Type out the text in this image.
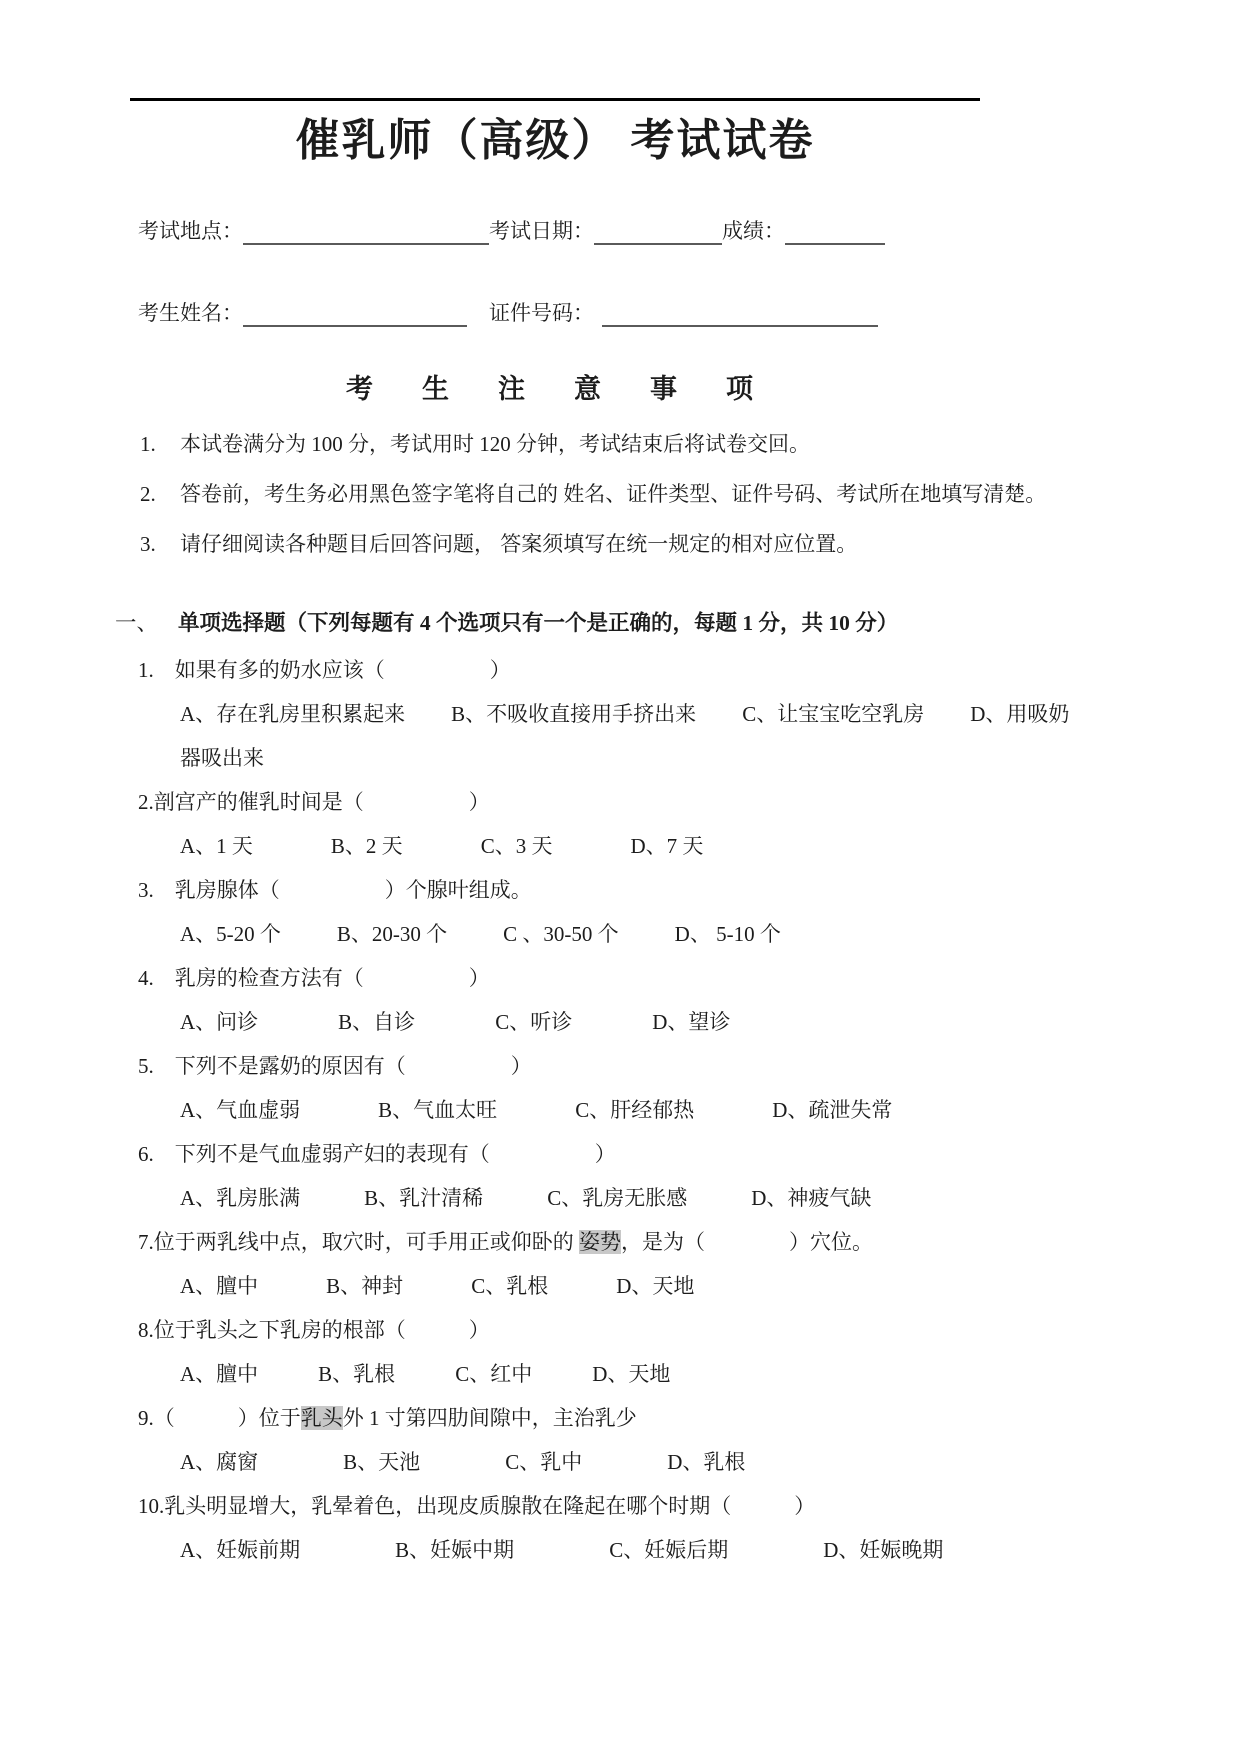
催乳师（高级） 考试试卷
考试地点：	考试日期：	成绩：
考生姓名：	证件号码：
考　生　注　意　事　项
1.	本试卷满分为 100 分，考试用时 120 分钟，考试结束后将试卷交回。
2.	答卷前，考生务必用黑色签字笔将自己的 姓名、证件类型、证件号码、考试所在地填写清楚。
3.	请仔细阅读各种题目后回答问题， 答案须填写在统一规定的相对应位置。
一、 单项选择题（下列每题有 4 个选项只有一个是正确的，每题 1 分，共 10 分）
1.　如果有多的奶水应该（　　　　　）
A、存在乳房里积累起来 B、不吸收直接用手挤出来 C、让宝宝吃空乳房 D、用吸奶
器吸出来
2.剖宫产的催乳时间是（　　　　　）
A、1 天	B、2 天	C、3 天	D、7 天
3.　乳房腺体（　　　　　）个腺叶组成。
A、5-20 个	B、20-30 个	C 、30-50 个	D、 5-10 个
4.　乳房的检查方法有（　　　　　）
A、问诊	B、自诊	C、听诊	D、望诊
5.　下列不是露奶的原因有（　　　　　）
A、气血虚弱	B、气血太旺	C、肝经郁热	D、疏泄失常
6.　下列不是气血虚弱产妇的表现有（　　　　　）
A、乳房胀满	B、乳汁清稀	C、乳房无胀感	D、神疲气缺
7.位于两乳线中点，取穴时，可手用正或仰卧的 姿势，是为（　　　　）穴位。
A、膻中	B、神封	C、乳根	D、天地
8.位于乳头之下乳房的根部（　　　）
A、膻中	B、乳根	C、红中	D、天地
9.（　　　）位于乳头外 1 寸第四肋间隙中，主治乳少
A、腐窗	B、天池	C、乳中	D、乳根
10.乳头明显增大，乳晕着色，出现皮质腺散在隆起在哪个时期（　　　）
A、妊娠前期	B、妊娠中期	C、妊娠后期	D、妊娠晚期
